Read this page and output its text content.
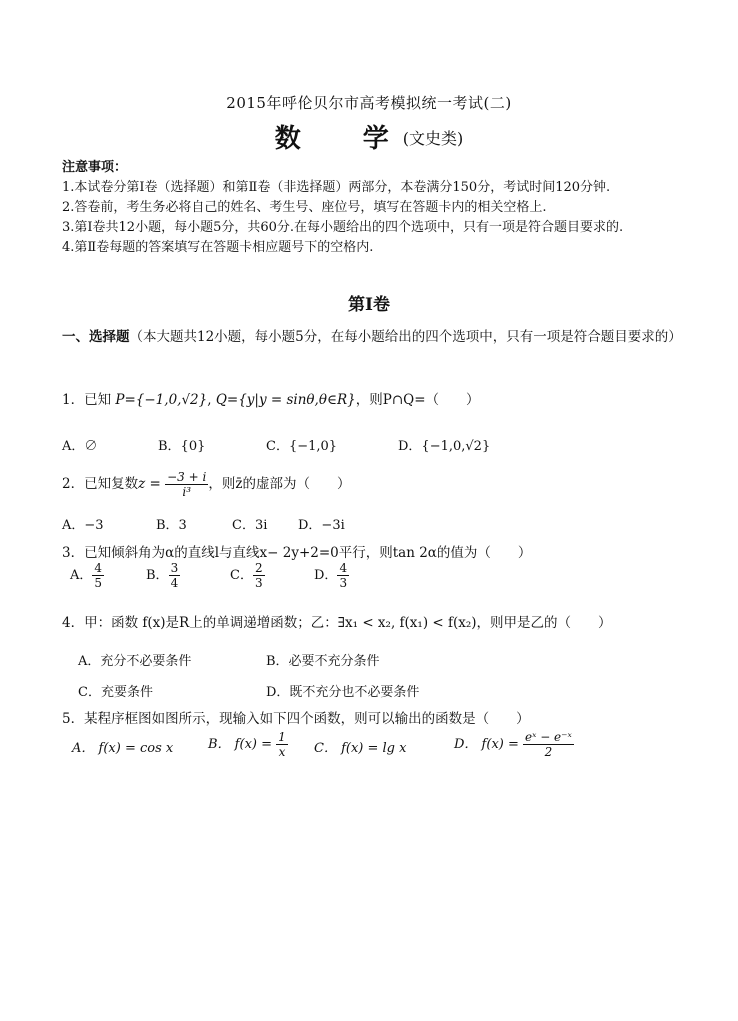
2015年呼伦贝尔市高考模拟统一考试(二)
数 学 (文史类)

注意事项：

1.本试卷分第Ⅰ卷（选择题）和第Ⅱ卷（非选择题）两部分，本卷满分150分，考试时间120分钟.

2.答卷前，考生务必将自己的姓名、考生号、座位号，填写在答题卡内的相关空格上.

3.第Ⅰ卷共12小题，每小题5分，共60分.在每小题给出的四个选项中，只有一项是符合题目要求的.

4.第Ⅱ卷每题的答案填写在答题卡相应题号下的空格内.

第Ⅰ卷
一、选择题（本大题共12小题，每小题5分，在每小题给出的四个选项中，只有一项是符合题目要求的）
1．已知 P={−1,0,√2}, Q={y|y = sinθ,θ∈R}，则P∩Q=（　　）
A．∅	B．{0}	C．{−1,0}	D．{−1,0,√2}
2．已知复数$z = \frac{-3 + i}{\text{i³}}$ ，则z̄的虚部为（　　）
A．−3	B．3	C．3i D．−3i
3．已知倾斜角为α的直线l与直线x− 2y+2=0平行，则tan 2α的值为（　　）
A． $\frac{4}{5}$	B． $\frac{3}{4}$	C． $\frac{2}{3}$	D． $\frac{4}{3}$
4．甲：函数 f(x)是R上的单调递增函数；乙：∃x₁ < x₂, f(x₁) < f(x₂)，则甲是乙的（　　）
A．充分不必要条件	B．必要不充分条件
C．充要条件	D．既不充分也不必要条件
5．某程序框图如图所示，现输入如下四个函数，则可以输出的函数是（　　）
A． f(x) = cos x	B． $f(x) = \frac{1}{x}$ C． f(x) = lg x	D． $f(x) = \frac{\text{eˣ − e⁻ˣ}}{2}$
